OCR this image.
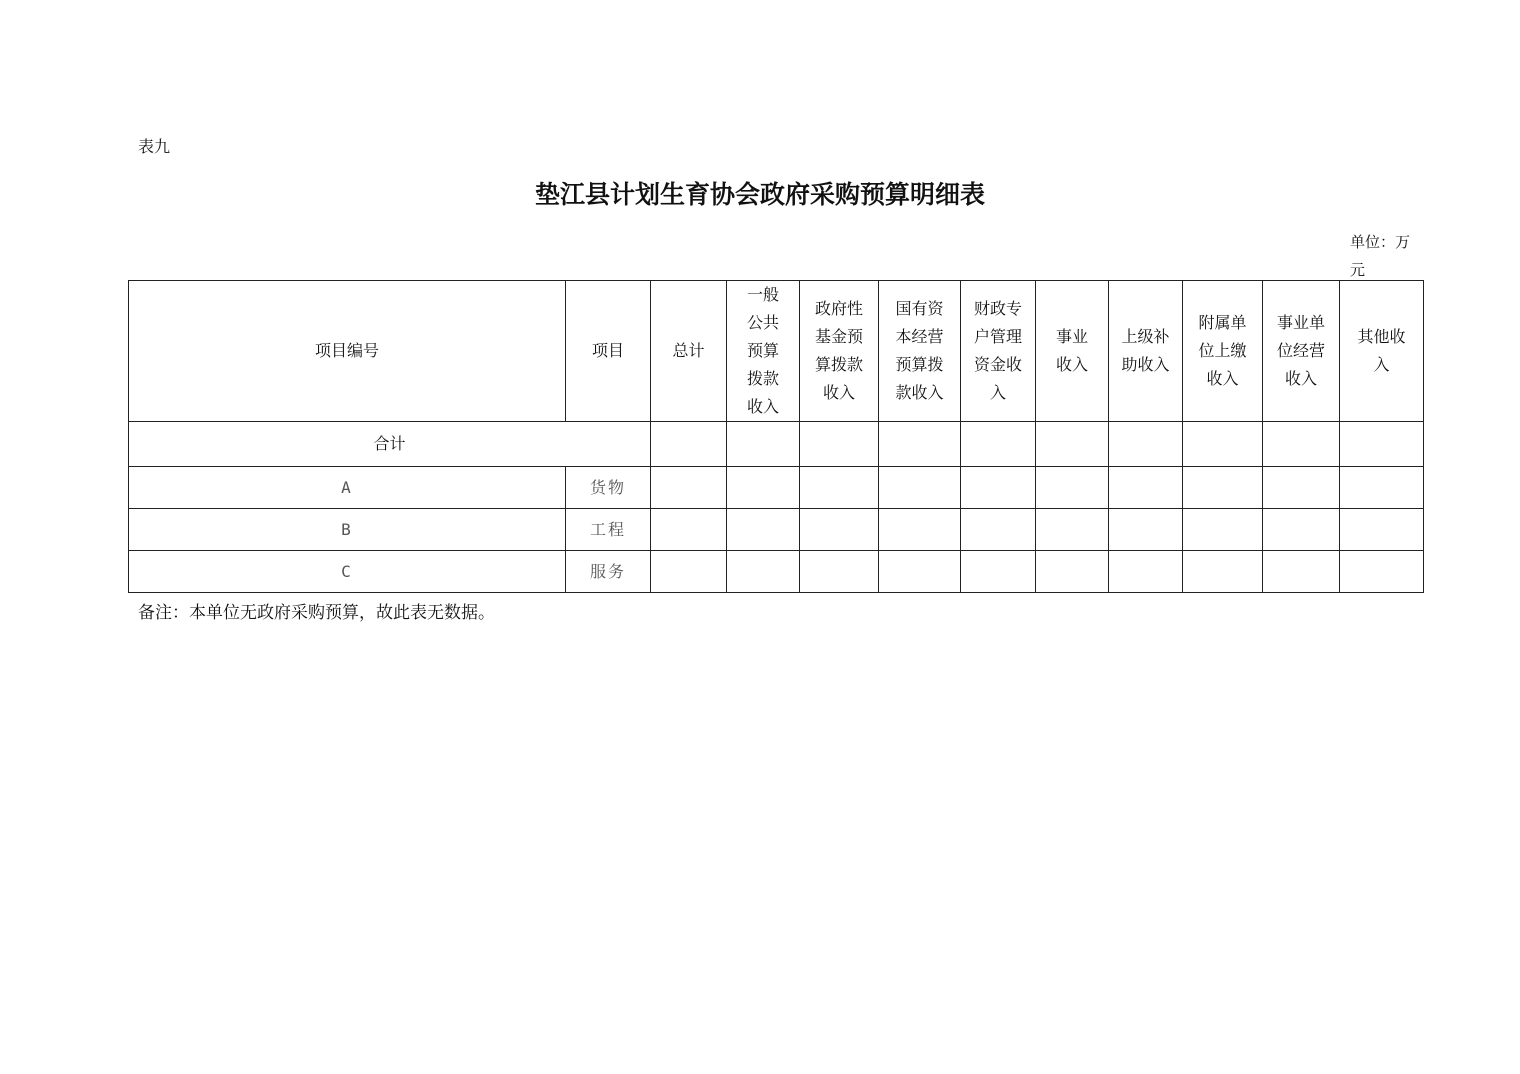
表九
垫江县计划生育协会政府采购预算明细表
单位：万元
项目编号	项目	总计	一般公共预算拨款收入	政府性基金预算拨款收入	国有资本经营预算拨款收入	财政专户管理资金收入	事业收入	上级补助收入	附属单位上缴收入	事业单位经营收入	其他收入

合计											
A	货物										
B	工程										
C	服务										
备注：本单位无政府采购预算，故此表无数据。
